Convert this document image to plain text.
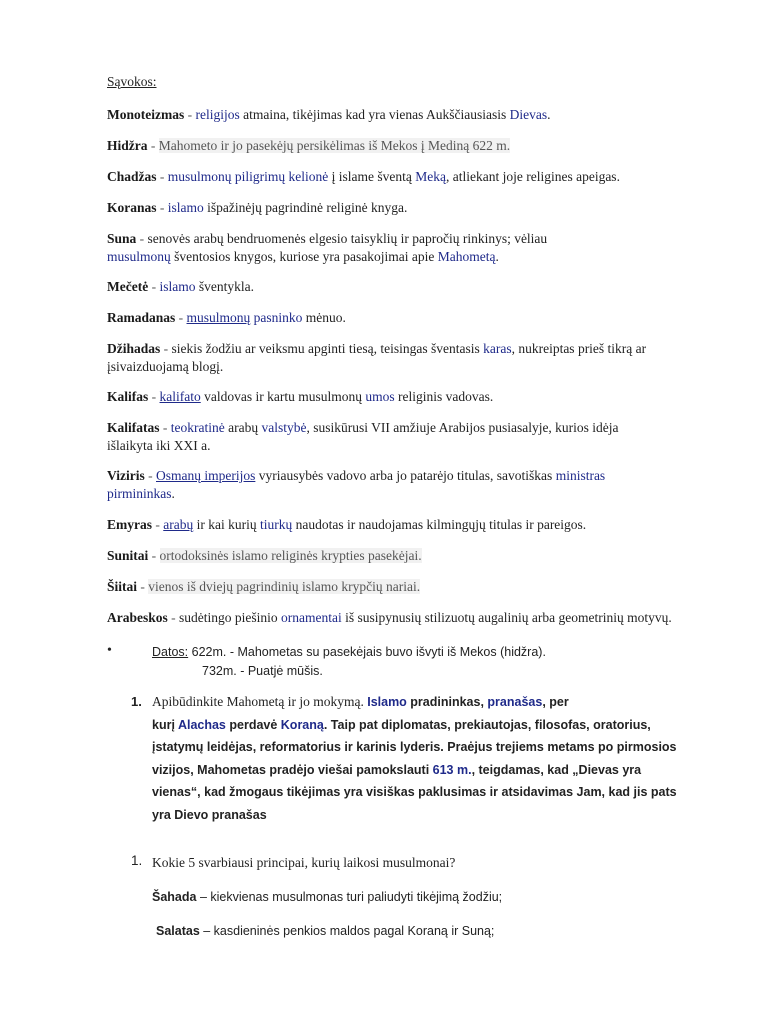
Sąvokos:
Monoteizmas - religijos atmaina, tikėjimas kad yra vienas Aukščiausiasis Dievas.
Hidžra - Mahometo ir jo pasekėjų persikėlimas iš Mekos į Mediną 622 m.
Chadžas - musulmonų piligrimų kelionė į islame šventą Meką, atliekant joje religines apeigas.
Koranas - islamo išpažinėjų pagrindinė religinė knyga.
Suna - senovės arabų bendruomenės elgesio taisyklių ir papročių rinkinys; vėliau
musulmonų šventosios knygos, kuriose yra pasakojimai apie Mahometą.
Mečetė - islamo šventykla.
Ramadanas - musulmonų pasninko mėnuo.
Džihadas - siekis žodžiu ar veiksmu apginti tiesą, teisingas šventasis karas, nukreiptas prieš tikrą ar
įsivaizduojamą blogį.
Kalifas - kalifato valdovas ir kartu musulmonų umos religinis vadovas.
Kalifatas - teokratinė arabų valstybė, susikūrusi VII amžiuje Arabijos pusiasalyje, kurios idėja
išlaikyta iki XXI a.
Viziris - Osmanų imperijos vyriausybės vadovo arba jo patarėjo titulas, savotiškas ministras
pirmininkas.
Emyras - arabų ir kai kurių tiurkų naudotas ir naudojamas kilmingųjų titulas ir pareigos.
Sunitai - ortodoksinės islamo religinės krypties pasekėjai.
Šiitai - vienos iš dviejų pagrindinių islamo krypčių nariai.
Arabeskos - sudėtingo piešinio ornamentai iš susipynusių stilizuotų augalinių arba geometrinių motyvų.
•	Datos: 622m. - Mahometas su pasekėjais buvo išvyti iš Mekos (hidžra).
732m. - Puatjė mūšis.
1. Apibūdinkite Mahometą ir jo mokymą. Islamo pradininkas, pranašas, per
kurį Alachas perdavė Koraną. Taip pat diplomatas, prekiautojas, filosofas, oratorius,
įstatymų leidėjas, reformatorius ir karinis lyderis. Praėjus trejiems metams po pirmosios
vizijos, Mahometas pradėjo viešai pamokslauti 613 m., teigdamas, kad „Dievas yra
vienas“, kad žmogaus tikėjimas yra visiškas paklusimas ir atsidavimas Jam, kad jis pats
yra Dievo pranašas
1. Kokie 5 svarbiausi principai, kurių laikosi musulmonai?
Šahada – kiekvienas musulmonas turi paliudyti tikėjimą žodžiu;
Salatas – kasdieninės penkios maldos pagal Koraną ir Suną;
